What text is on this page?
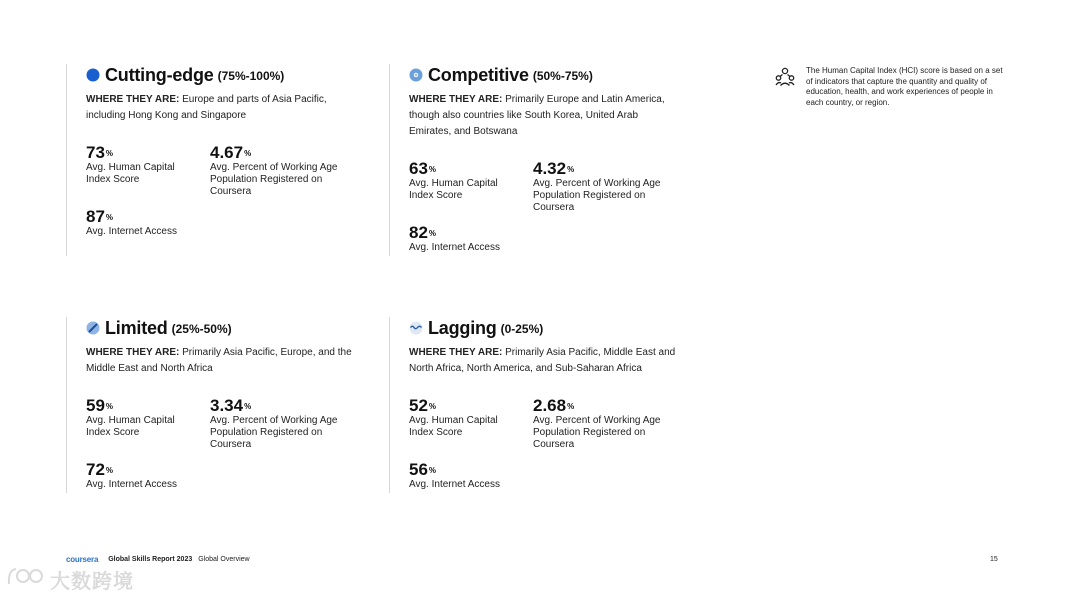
Cutting-edge (75%-100%)
WHERE THEY ARE: Europe and parts of Asia Pacific, including Hong Kong and Singapore
73%
Avg. Human Capital Index Score
4.67%
Avg. Percent of Working Age Population Registered on Coursera
87%
Avg. Internet Access
Competitive (50%-75%)
WHERE THEY ARE: Primarily Europe and Latin America, though also countries like South Korea, United Arab Emirates, and Botswana
63%
Avg. Human Capital Index Score
4.32%
Avg. Percent of Working Age Population Registered on Coursera
82%
Avg. Internet Access
Limited (25%-50%)
WHERE THEY ARE: Primarily Asia Pacific, Europe, and the Middle East and North Africa
59%
Avg. Human Capital Index Score
3.34%
Avg. Percent of Working Age Population Registered on Coursera
72%
Avg. Internet Access
Lagging (0-25%)
WHERE THEY ARE: Primarily Asia Pacific, Middle East and North Africa, North America, and Sub-Saharan Africa
52%
Avg. Human Capital Index Score
2.68%
Avg. Percent of Working Age Population Registered on Coursera
56%
Avg. Internet Access
The Human Capital Index (HCI) score is based on a set of indicators that capture the quantity and quality of education, health, and work experiences of people in each country, or region.
coursera Global Skills Report 2023 Global Overview	15
大数跨境
